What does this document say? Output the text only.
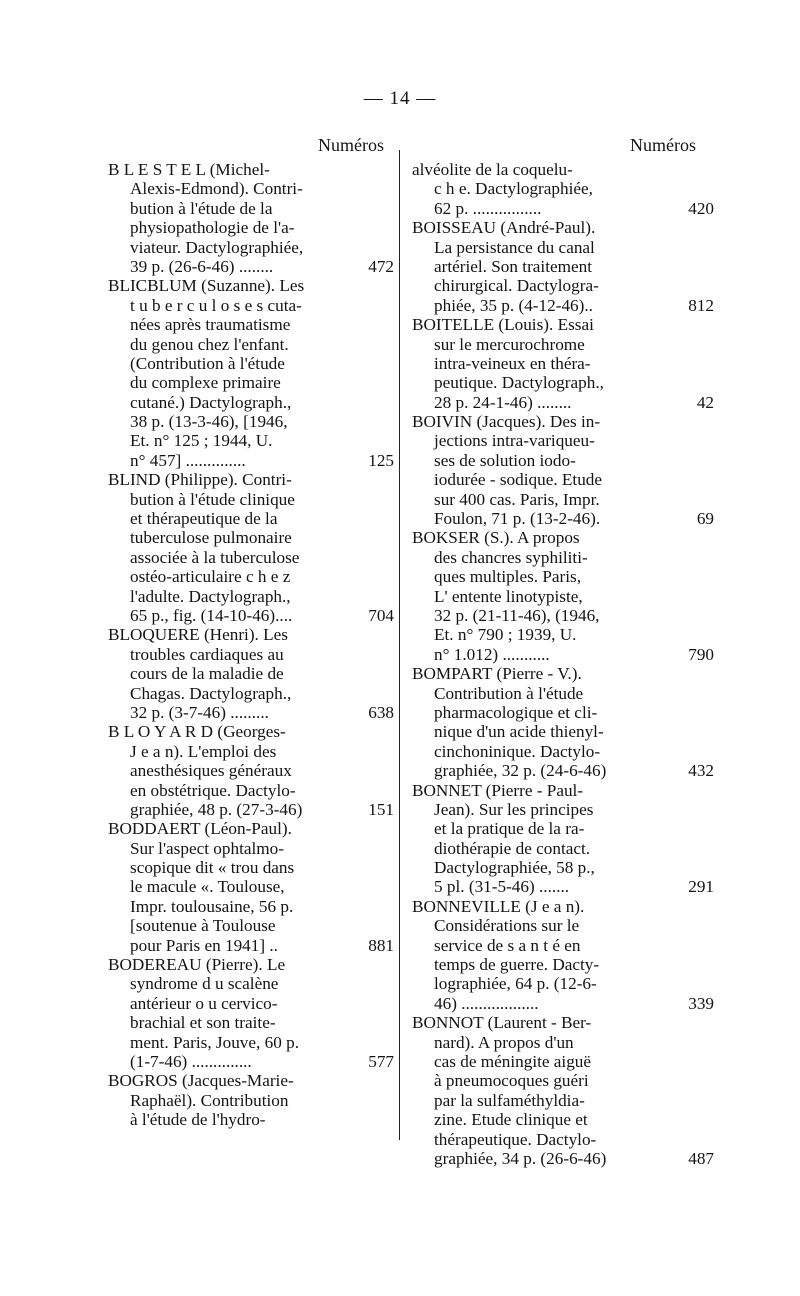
— 14 —
Numéros	Numéros
B L E S T E L (Michel-
Alexis-Edmond). Contri-
bution à l'étude de la
physiopathologie de l'a-
viateur. Dactylographiée,
39 p. (26-6-46) ........	472
BLICBLUM (Suzanne). Les
t u b e r c u l o s e s cuta-
nées après traumatisme
du genou chez l'enfant.
(Contribution à l'étude
du complexe primaire
cutané.) Dactylograph.,
38 p. (13-3-46), [1946,
Et. n° 125 ; 1944, U.
n° 457] ..............	125
BLIND (Philippe). Contri-
bution à l'étude clinique
et thérapeutique de la
tuberculose pulmonaire
associée à la tuberculose
ostéo-articulaire c h e z
l'adulte. Dactylograph.,
65 p., fig. (14-10-46)....	704
BLOQUERE (Henri). Les
troubles cardiaques au
cours de la maladie de
Chagas. Dactylograph.,
32 p. (3-7-46) .........	638
B L O Y A R D (Georges-
J e a n). L'emploi des
anesthésiques généraux
en obstétrique. Dactylo-
graphiée, 48 p. (27-3-46)	151
BODDAERT (Léon-Paul).
Sur l'aspect ophtalmo-
scopique dit « trou dans
le macule «. Toulouse,
Impr. toulousaine, 56 p.
[soutenue à Toulouse
pour Paris en 1941] ..	881
BODEREAU (Pierre). Le
syndrome d u scalène
antérieur o u cervico-
brachial et son traite-
ment. Paris, Jouve, 60 p.
(1-7-46) ..............	577
BOGROS (Jacques-Marie-
Raphaël). Contribution
à l'étude de l'hydro-
alvéolite de la coquelu-
c h e. Dactylographiée,
62 p. ................	420
BOISSEAU (André-Paul).
La persistance du canal
artériel. Son traitement
chirurgical. Dactylogra-
phiée, 35 p. (4-12-46)..	812
BOITELLE (Louis). Essai
sur le mercurochrome
intra-veineux en théra-
peutique. Dactylograph.,
28 p. 24-1-46) ........	42
BOIVIN (Jacques). Des in-
jections intra-variqueu-
ses de solution iodo-
iodurée - sodique. Etude
sur 400 cas. Paris, Impr.
Foulon, 71 p. (13-2-46).	69
BOKSER (S.). A propos
des chancres syphiliti-
ques multiples. Paris,
L' entente linotypiste,
32 p. (21-11-46), (1946,
Et. n° 790 ; 1939, U.
n° 1.012) ...........	790
BOMPART (Pierre - V.).
Contribution à l'étude
pharmacologique et cli-
nique d'un acide thienyl-
cinchoninique. Dactylo-
graphiée, 32 p. (24-6-46)	432
BONNET (Pierre - Paul-
Jean). Sur les principes
et la pratique de la ra-
diothérapie de contact.
Dactylographiée, 58 p.,
5 pl. (31-5-46) .......	291
BONNEVILLE (J e a n).
Considérations sur le
service de s a n t é en
temps de guerre. Dacty-
lographiée, 64 p. (12-6-
46) ..................	339
BONNOT (Laurent - Ber-
nard). A propos d'un
cas de méningite aiguë
à pneumocoques guéri
par la sulfaméthyldia-
zine. Etude clinique et
thérapeutique. Dactylo-
graphiée, 34 p. (26-6-46)	487
